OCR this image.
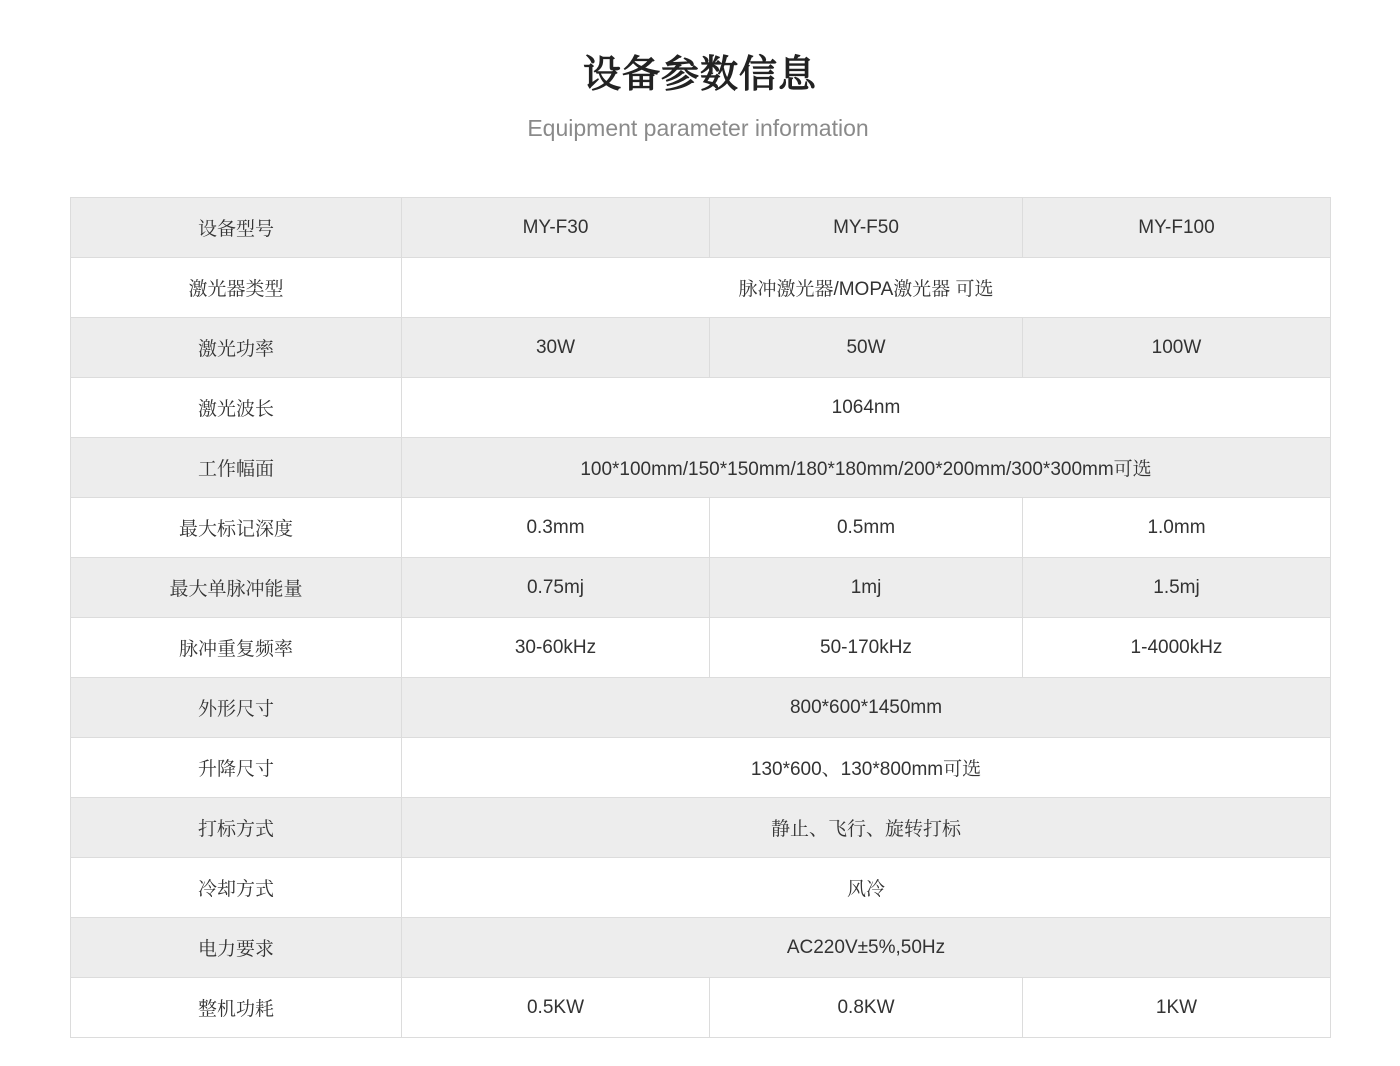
设备参数信息
Equipment parameter information
设备型号	MY-F30	MY-F50	MY-F100
激光器类型	脉冲激光器/MOPA激光器 可选		
激光功率	30W	50W	100W
激光波长	1064nm		
工作幅面	100*100mm/150*150mm/180*180mm/200*200mm/300*300mm可选		
最大标记深度	0.3mm	0.5mm	1.0mm
最大单脉冲能量	0.75mj	1mj	1.5mj
脉冲重复频率	30-60kHz	50-170kHz	1-4000kHz
外形尺寸	800*600*1450mm		
升降尺寸	130*600、130*800mm可选		
打标方式	静止、飞行、旋转打标		
冷却方式	风冷		
电力要求	AC220V±5%,50Hz		
整机功耗	0.5KW	0.8KW	1KW
